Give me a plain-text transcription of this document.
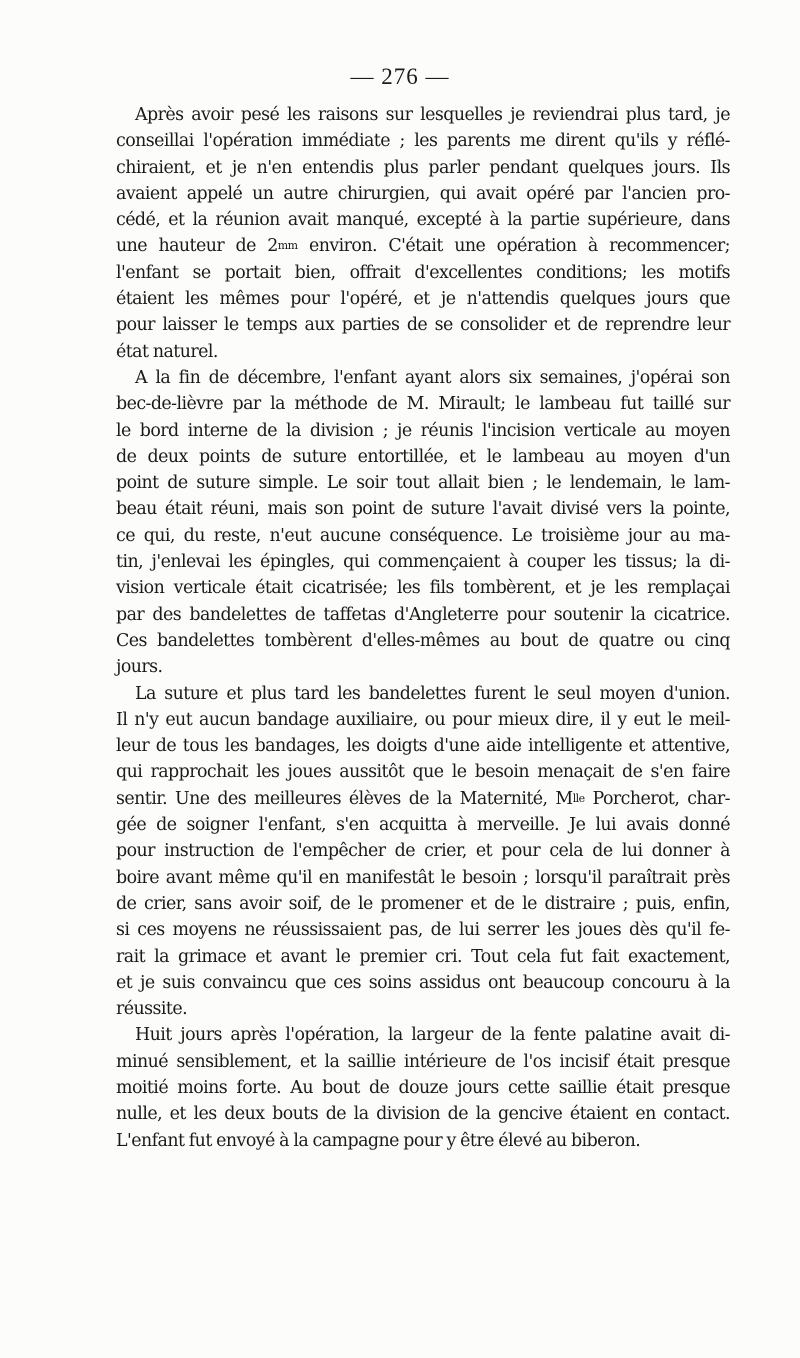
— 276 —
Après avoir pesé les raisons sur lesquelles je reviendrai plus tard, je
conseillai l'opération immédiate ; les parents me dirent qu'ils y réflé-
chiraient, et je n'en entendis plus parler pendant quelques jours. Ils
avaient appelé un autre chirurgien, qui avait opéré par l'ancien pro-
cédé, et la réunion avait manqué, excepté à la partie supérieure, dans
une hauteur de $2^{mm}$ environ. C'était une opération à recommencer;
l'enfant se portait bien, offrait d'excellentes conditions; les motifs
étaient les mêmes pour l'opéré, et je n'attendis quelques jours que
pour laisser le temps aux parties de se consolider et de reprendre leur
état naturel.
A la fin de décembre, l'enfant ayant alors six semaines, j'opérai son
bec-de-lièvre par la méthode de M. Mirault; le lambeau fut taillé sur
le bord interne de la division ; je réunis l'incision verticale au moyen
de deux points de suture entortillée, et le lambeau au moyen d'un
point de suture simple. Le soir tout allait bien ; le lendemain, le lam-
beau était réuni, mais son point de suture l'avait divisé vers la pointe,
ce qui, du reste, n'eut aucune conséquence. Le troisième jour au ma-
tin, j'enlevai les épingles, qui commençaient à couper les tissus; la di-
vision verticale était cicatrisée; les fils tombèrent, et je les remplaçai
par des bandelettes de taffetas d'Angleterre pour soutenir la cicatrice.
Ces bandelettes tombèrent d'elles-mêmes au bout de quatre ou cinq
jours.
La suture et plus tard les bandelettes furent le seul moyen d'union.
Il n'y eut aucun bandage auxiliaire, ou pour mieux dire, il y eut le meil-
leur de tous les bandages, les doigts d'une aide intelligente et attentive,
qui rapprochait les joues aussitôt que le besoin menaçait de s'en faire
sentir. Une des meilleures élèves de la Maternité, $M^{lle}$ Porcherot, char-
gée de soigner l'enfant, s'en acquitta à merveille. Je lui avais donné
pour instruction de l'empêcher de crier, et pour cela de lui donner à
boire avant même qu'il en manifestât le besoin ; lorsqu'il paraîtrait près
de crier, sans avoir soif, de le promener et de le distraire ; puis, enfin,
si ces moyens ne réussissaient pas, de lui serrer les joues dès qu'il fe-
rait la grimace et avant le premier cri. Tout cela fut fait exactement,
et je suis convaincu que ces soins assidus ont beaucoup concouru à la
réussite.
Huit jours après l'opération, la largeur de la fente palatine avait di-
minué sensiblement, et la saillie intérieure de l'os incisif était presque
moitié moins forte. Au bout de douze jours cette saillie était presque
nulle, et les deux bouts de la division de la gencive étaient en contact.
L'enfant fut envoyé à la campagne pour y être élevé au biberon.
